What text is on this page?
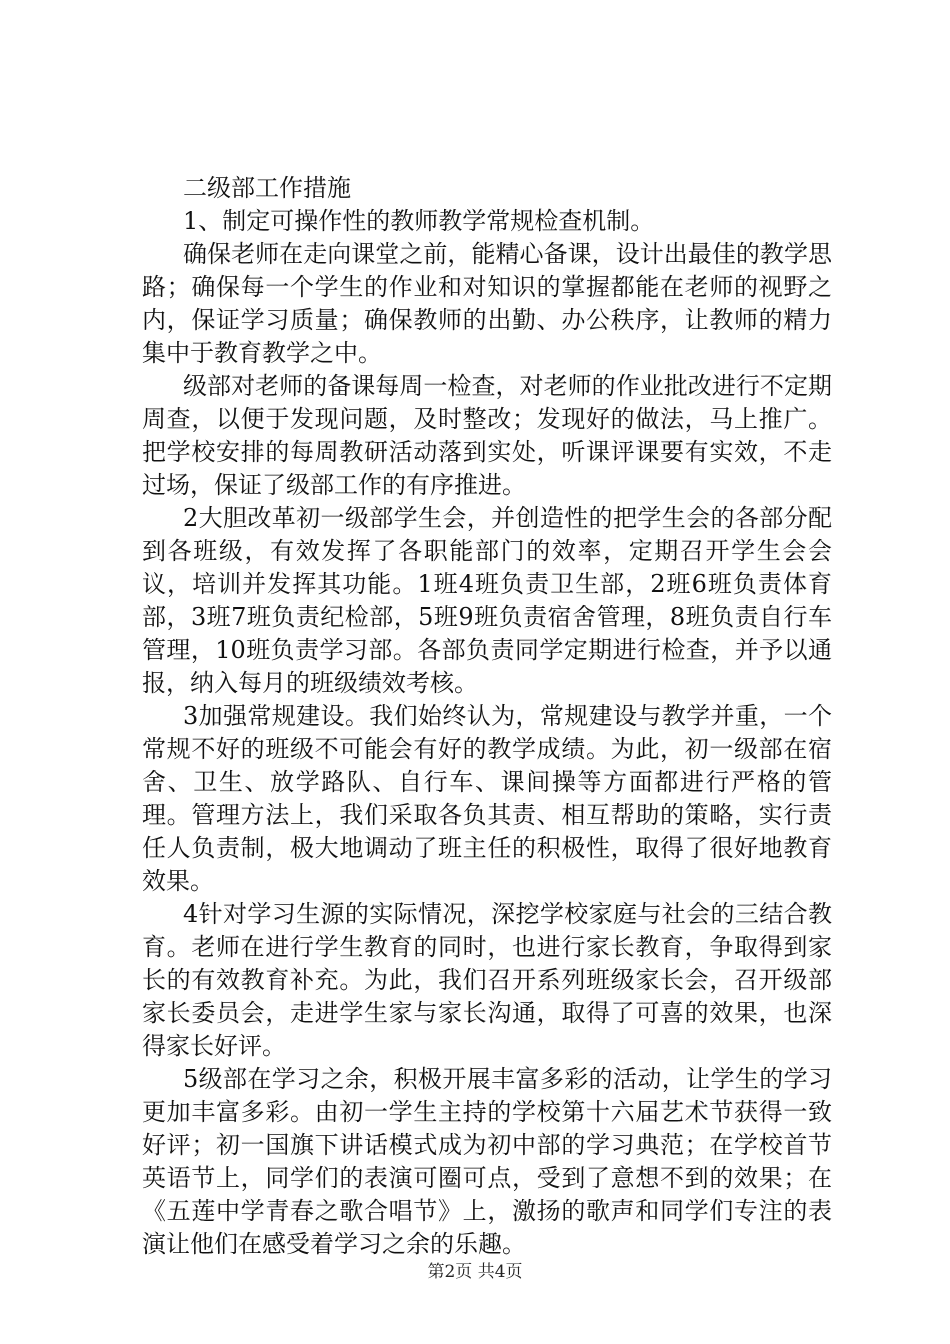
二级部工作措施

1、制定可操作性的教师教学常规检查机制。

确保老师在走向课堂之前，能精心备课，设计出最佳的教学思路；确保每一个学生的作业和对知识的掌握都能在老师的视野之内，保证学习质量；确保教师的出勤、办公秩序，让教师的精力集中于教育教学之中。

级部对老师的备课每周一检查，对老师的作业批改进行不定期周查，以便于发现问题，及时整改；发现好的做法，马上推广。把学校安排的每周教研活动落到实处，听课评课要有实效，不走过场，保证了级部工作的有序推进。

2大胆改革初一级部学生会，并创造性的把学生会的各部分配到各班级，有效发挥了各职能部门的效率，定期召开学生会会议，培训并发挥其功能。1班4班负责卫生部，2班6班负责体育部，3班7班负责纪检部，5班9班负责宿舍管理，8班负责自行车管理，10班负责学习部。各部负责同学定期进行检查，并予以通报，纳入每月的班级绩效考核。

3加强常规建设。我们始终认为，常规建设与教学并重，一个常规不好的班级不可能会有好的教学成绩。为此，初一级部在宿舍、卫生、放学路队、自行车、课间操等方面都进行严格的管理。管理方法上，我们采取各负其责、相互帮助的策略，实行责任人负责制，极大地调动了班主任的积极性，取得了很好地教育效果。

4针对学习生源的实际情况，深挖学校家庭与社会的三结合教育。老师在进行学生教育的同时，也进行家长教育，争取得到家长的有效教育补充。为此，我们召开系列班级家长会，召开级部家长委员会，走进学生家与家长沟通，取得了可喜的效果，也深得家长好评。

5级部在学习之余，积极开展丰富多彩的活动，让学生的学习更加丰富多彩。由初一学生主持的学校第十六届艺术节获得一致好评；初一国旗下讲话模式成为初中部的学习典范；在学校首节英语节上，同学们的表演可圈可点，受到了意想不到的效果；在《五莲中学青春之歌合唱节》上，激扬的歌声和同学们专注的表演让他们在感受着学习之余的乐趣。

第2页 共4页
